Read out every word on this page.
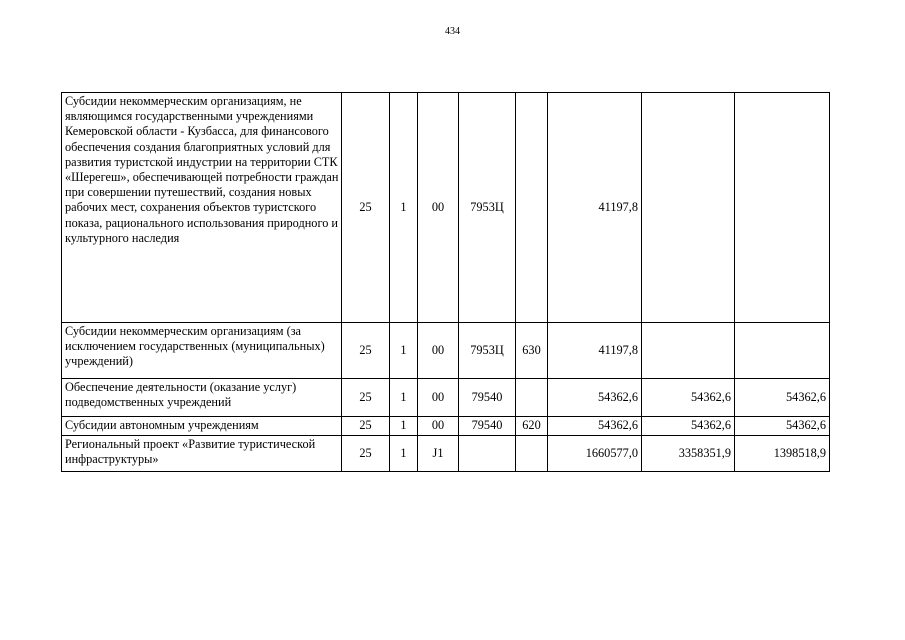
434
Субсидии некоммерческим организациям, не являющимся государственными учреждениями Кемеровской области - Кузбасса, для финансового обеспечения создания благоприятных условий для развития туристской индустрии на территории СТК «Шерегеш», обеспечивающей потребности граждан при совершении путешествий, создания новых рабочих мест, сохранения объектов туристского показа, рационального использования природного и культурного наследия	25	1	00	7953Ц		41197,8		
Субсидии некоммерческим организациям (за исключением государственных (муниципальных) учреждений)	25	1	00	7953Ц	630	41197,8		
Обеспечение деятельности (оказание услуг) подведомственных учреждений	25	1	00	79540		54362,6	54362,6	54362,6
Субсидии автономным учреждениям	25	1	00	79540	620	54362,6	54362,6	54362,6
Региональный проект «Развитие туристической инфраструктуры»	25	1	J1			1660577,0	3358351,9	1398518,9
